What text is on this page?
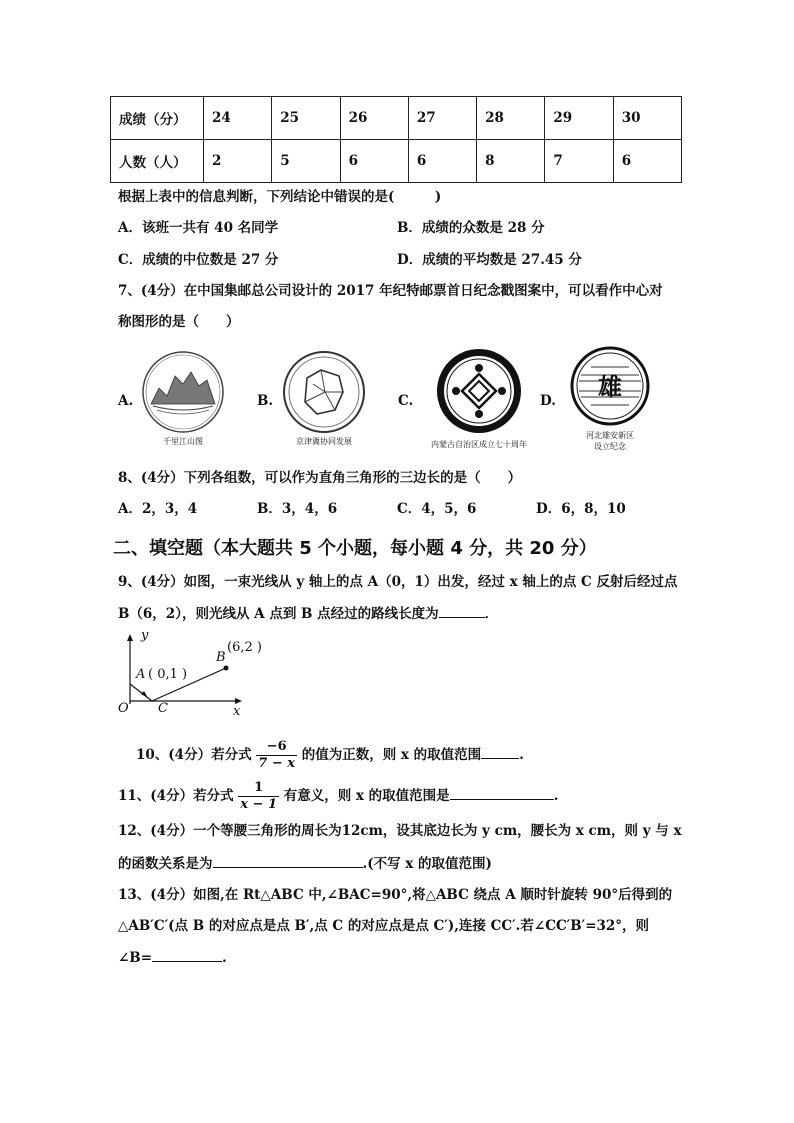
成绩（分）	24	25	26	27	28	29	30
人数（人）	2	5	6	6	8	7	6
根据上表中的信息判断，下列结论中错误的是(　　　)
A．该班一共有 40 名同学	B．成绩的众数是 28 分
C．成绩的中位数是 27 分	D．成绩的平均数是 27.45 分
7、(4分）在中国集邮总公司设计的 2017 年纪特邮票首日纪念戳图案中，可以看作中心对
称图形的是（　　）
A.
千里江山图
B.
京津冀协同发展
C.
内蒙古自治区成立七十周年
D. 雄
河北雄安新区
设立纪念
8、(4分）下列各组数，可以作为直角三角形的三边长的是（　　）
A．2，3，4	B．3，4，6	C．4，5，6	D．6，8，10
二、填空题（本大题共 5 个小题，每小题 4 分，共 20 分）
9、(4分）如图，一束光线从 y 轴上的点 A（0，1）出发，经过 x 轴上的点 C 反射后经过点
B（6，2），则光线从 A 点到 B 点经过的路线长度为	．
y
x
O C
A ( 0,1 )
B
(6,2 )
10、(4分）若分式 $\frac{-6}{7 - x}$ 的值为正数，则 x 的取值范围	.
11、(4分）若分式 $\frac{1}{x - 1}$ 有意义，则 x 的取值范围是	.
12、(4分）一个等腰三角形的周长为12cm，设其底边长为 y cm，腰长为 x cm，则 y 与 x
的函数关系是为	.(不写 x 的取值范围)
13、(4分）如图,在 Rt△ABC 中,∠BAC=90°,将△ABC 绕点 A 顺时针旋转 90°后得到的
△AB′C′(点 B 的对应点是点 B′,点 C 的对应点是点 C′),连接 CC′.若∠CC′B′=32°，则
∠B=	.
